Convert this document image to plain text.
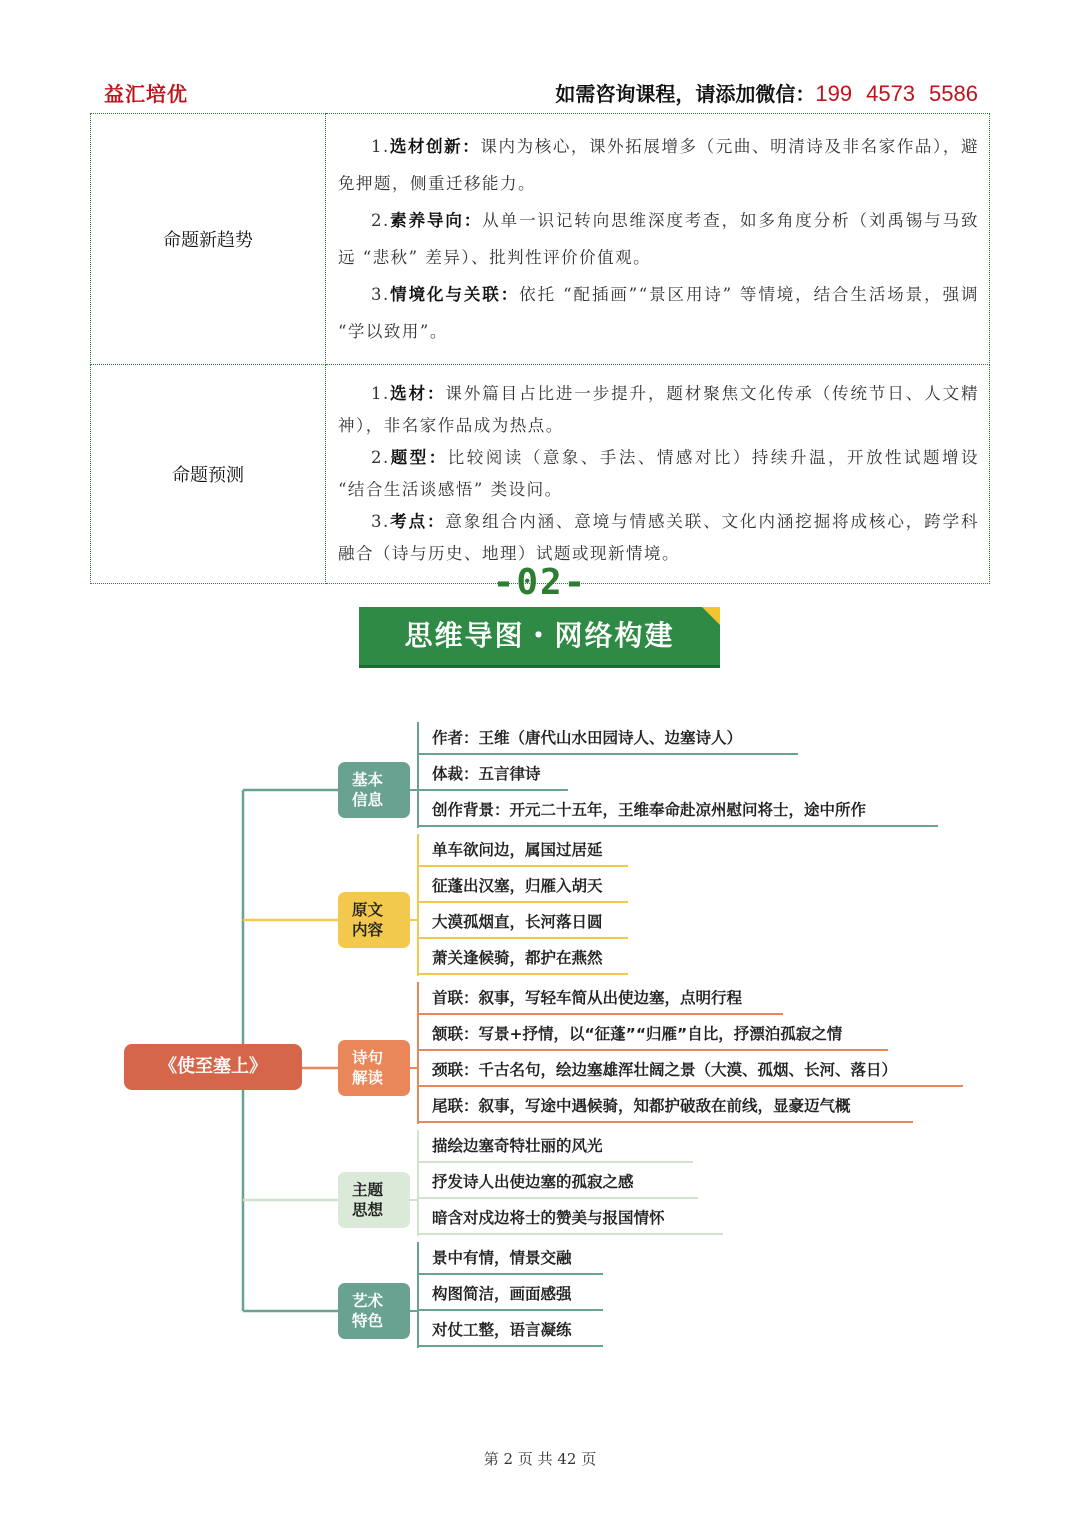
益汇培优	如需咨询课程，请添加微信：199 4573 5586
命题新趋势	1.选材创新：课内为核心，课外拓展增多（元曲、明清诗及非名家作品），避免押题，侧重迁移能力。
2.素养导向：从单一识记转向思维深度考查，如多角度分析（刘禹锡与马致远 “悲秋” 差异）、批判性评价价值观。
3.情境化与关联：依托 “配插画”“景区用诗” 等情境，结合生活场景，强调 “学以致用”。

命题预测	1.选材：课外篇目占比进一步提升，题材聚焦文化传承（传统节日、人文精神），非名家作品成为热点。
2.题型：比较阅读（意象、手法、情感对比）持续升温，开放性试题增设 “结合生活谈感悟” 类设问。
3.考点：意象组合内涵、意境与情感关联、文化内涵挖掘将成核心，跨学科融合（诗与历史、地理）试题或现新情境。
-02-
思维导图・网络构建
《使至塞上》
基本
信息
作者：王维（唐代山水田园诗人、边塞诗人）
体裁：五言律诗
创作背景：开元二十五年，王维奉命赴凉州慰问将士，途中所作
原文
内容
单车欲问边，属国过居延
征蓬出汉塞，归雁入胡天
大漠孤烟直，长河落日圆
萧关逢候骑，都护在燕然
诗句
解读
首联：叙事，写轻车简从出使边塞，点明行程
颔联：写景+抒情，以“征蓬”“归雁”自比，抒漂泊孤寂之情
颈联：千古名句，绘边塞雄浑壮阔之景（大漠、孤烟、长河、落日）
尾联：叙事，写途中遇候骑，知都护破敌在前线，显豪迈气概
主题
思想
描绘边塞奇特壮丽的风光
抒发诗人出使边塞的孤寂之感
暗含对戍边将士的赞美与报国情怀
艺术
特色
景中有情，情景交融
构图简洁，画面感强
对仗工整，语言凝练
第 2 页 共 42 页
